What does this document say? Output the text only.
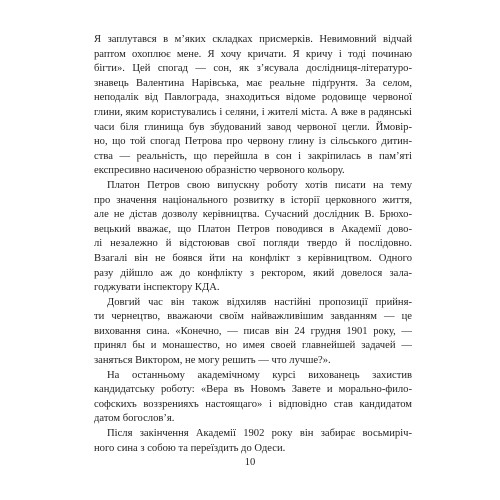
Я заплутався в м’яких складках присмерків. Невимовний відчай
раптом охоплює мене. Я хочу кричати. Я кричу і тоді починаю
бігти». Цей спогад — сон, як з’ясувала дослідниця-літературо-
знавець Валентина Нарівська, має реальне підґрунтя. За селом,
неподалік від Павлограда, знаходиться відоме родовище червоної
глини, яким користувались і селяни, і жителі міста. А вже в радянські
часи біля глинища був збудований завод червоної цегли. Ймовір-
но, що той спогад Петрова про червону глину із сільського дитин-
ства — реальність, що перейшла в сон і закріпилась в пам’яті
експресивно насиченою образністю червоного кольору.
Платон Петров свою випускну роботу хотів писати на тему
про значення національного розвитку в історії церковного життя,
але не дістав дозволу керівництва. Сучасний дослідник В. Брюхо-
вецький вважає, що Платон Петров поводився в Академії дово-
лі незалежно й відстоював свої погляди твердо й послідовно.
Взагалі він не боявся йти на конфлікт з керівництвом. Одного
разу дійшло аж до конфлікту з ректором, який довелося зала-
годжувати інспектору КДА.
Довгий час він також відхиляв настійні пропозиції прийня-
ти чернецтво, вважаючи своїм найважливішим завданням — це
виховання сина. «Конечно, — писав він 24 грудня 1901 року, —
принял бы и монашество, но имея своей главнейшей задачей —
заняться Виктором, не могу решить — что лучше?».
На останньому академічному курсі вихованець захистив
кандидатську роботу: «Вера въ Новомъ Завете и морально-фило-
софскихъ воззренияхъ настоящаго» і відповідно став кандидатом
датом богослов’я.
Після закінчення Академії 1902 року він забирає восьмиріч-
ного сина з собою та переїздить до Одеси.
10
